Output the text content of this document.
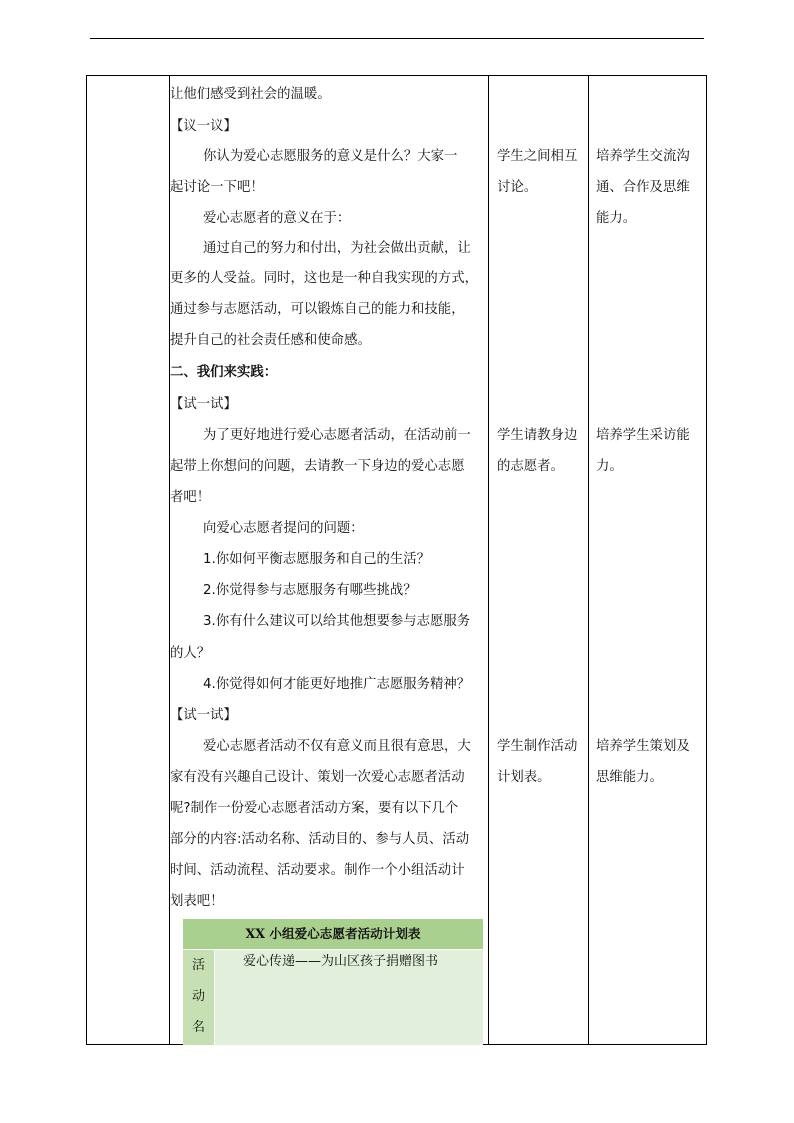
让他们感受到社会的温暖。
【议一议】
你认为爱心志愿服务的意义是什么？大家一
起讨论一下吧！
爱心志愿者的意义在于：
通过自己的努力和付出，为社会做出贡献，让
更多的人受益。同时，这也是一种自我实现的方式，
通过参与志愿活动，可以锻炼自己的能力和技能，
提升自己的社会责任感和使命感。
二、我们来实践：
【试一试】
为了更好地进行爱心志愿者活动，在活动前一
起带上你想问的问题，去请教一下身边的爱心志愿
者吧！
向爱心志愿者提问的问题：
1.你如何平衡志愿服务和自己的生活？
2.你觉得参与志愿服务有哪些挑战？
3.你有什么建议可以给其他想要参与志愿服务
的人？
4.你觉得如何才能更好地推广志愿服务精神？
【试一试】
爱心志愿者活动不仅有意义而且很有意思，大
家有没有兴趣自己设计、策划一次爱心志愿者活动
呢?制作一份爱心志愿者活动方案，要有以下几个
部分的内容:活动名称、活动目的、参与人员、活动
时间、活动流程、活动要求。制作一个小组活动计
划表吧！
学生之间相互
讨论。
学生请教身边
的志愿者。
学生制作活动
计划表。
培养学生交流沟
通、合作及思维
能力。
培养学生采访能
力。
培养学生策划及
思维能力。
XX 小组爱心志愿者活动计划表
活
动
名
爱心传递——为山区孩子捐赠图书
